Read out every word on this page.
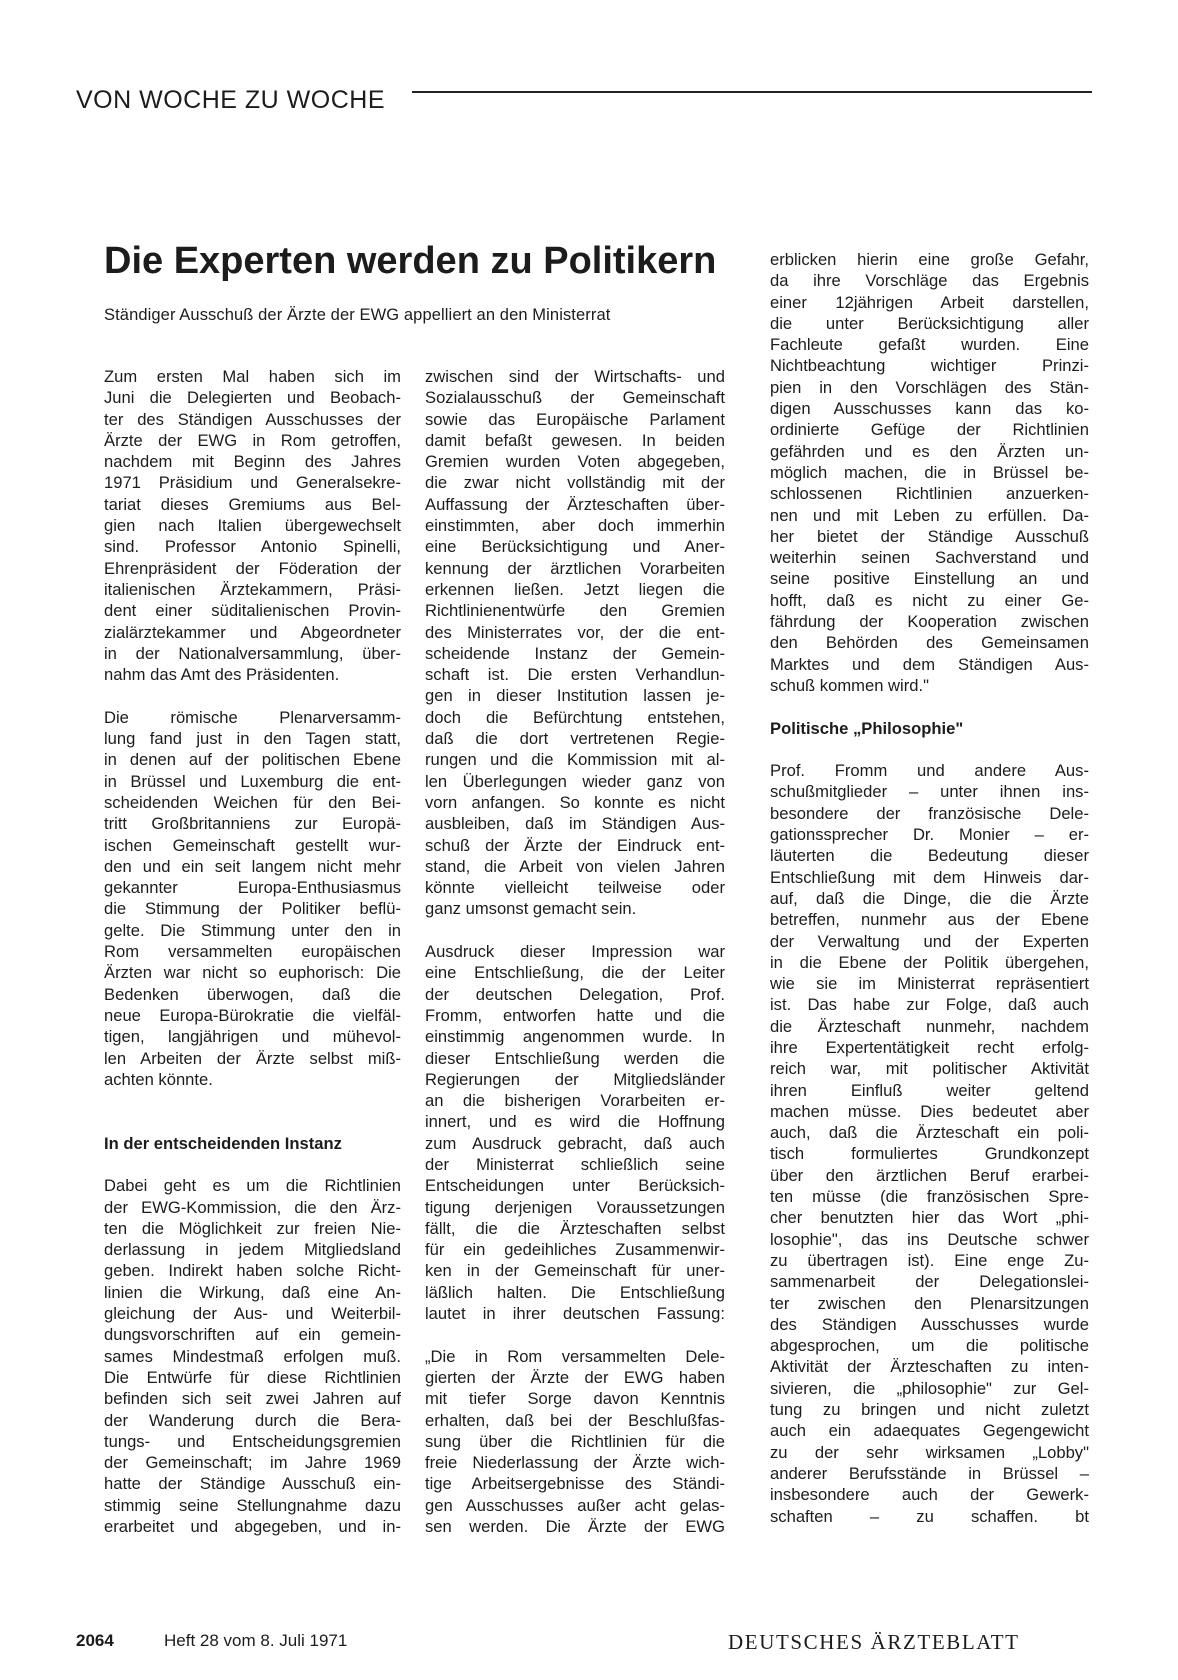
VON WOCHE ZU WOCHE
Die Experten werden zu Politikern
Ständiger Ausschuß der Ärzte der EWG appelliert an den Ministerrat
Zum ersten Mal haben sich im
Juni die Delegierten und Beobach-
ter des Ständigen Ausschusses der
Ärzte der EWG in Rom getroffen,
nachdem mit Beginn des Jahres
1971 Präsidium und Generalsekre-
tariat dieses Gremiums aus Bel-
gien nach Italien übergewechselt
sind. Professor Antonio Spinelli,
Ehrenpräsident der Föderation der
italienischen Ärztekammern, Präsi-
dent einer süditalienischen Provin-
zialärztekammer und Abgeordneter
in der Nationalversammlung, über-
nahm das Amt des Präsidenten.
Die römische Plenarversamm-
lung fand just in den Tagen statt,
in denen auf der politischen Ebene
in Brüssel und Luxemburg die ent-
scheidenden Weichen für den Bei-
tritt Großbritanniens zur Europä-
ischen Gemeinschaft gestellt wur-
den und ein seit langem nicht mehr
gekannter Europa-Enthusiasmus
die Stimmung der Politiker beflü-
gelte. Die Stimmung unter den in
Rom versammelten europäischen
Ärzten war nicht so euphorisch: Die
Bedenken überwogen, daß die
neue Europa-Bürokratie die vielfäl-
tigen, langjährigen und mühevol-
len Arbeiten der Ärzte selbst miß-
achten könnte.
In der entscheidenden Instanz
Dabei geht es um die Richtlinien
der EWG-Kommission, die den Ärz-
ten die Möglichkeit zur freien Nie-
derlassung in jedem Mitgliedsland
geben. Indirekt haben solche Richt-
linien die Wirkung, daß eine An-
gleichung der Aus- und Weiterbil-
dungsvorschriften auf ein gemein-
sames Mindestmaß erfolgen muß.
Die Entwürfe für diese Richtlinien
befinden sich seit zwei Jahren auf
der Wanderung durch die Bera-
tungs- und Entscheidungsgremien
der Gemeinschaft; im Jahre 1969
hatte der Ständige Ausschuß ein-
stimmig seine Stellungnahme dazu
erarbeitet und abgegeben, und in-
zwischen sind der Wirtschafts- und
Sozialausschuß der Gemeinschaft
sowie das Europäische Parlament
damit befaßt gewesen. In beiden
Gremien wurden Voten abgegeben,
die zwar nicht vollständig mit der
Auffassung der Ärzteschaften über-
einstimmten, aber doch immerhin
eine Berücksichtigung und Aner-
kennung der ärztlichen Vorarbeiten
erkennen ließen. Jetzt liegen die
Richtlinienentwürfe den Gremien
des Ministerrates vor, der die ent-
scheidende Instanz der Gemein-
schaft ist. Die ersten Verhandlun-
gen in dieser Institution lassen je-
doch die Befürchtung entstehen,
daß die dort vertretenen Regie-
rungen und die Kommission mit al-
len Überlegungen wieder ganz von
vorn anfangen. So konnte es nicht
ausbleiben, daß im Ständigen Aus-
schuß der Ärzte der Eindruck ent-
stand, die Arbeit von vielen Jahren
könnte vielleicht teilweise oder
ganz umsonst gemacht sein.
Ausdruck dieser Impression war
eine Entschließung, die der Leiter
der deutschen Delegation, Prof.
Fromm, entworfen hatte und die
einstimmig angenommen wurde. In
dieser Entschließung werden die
Regierungen der Mitgliedsländer
an die bisherigen Vorarbeiten er-
innert, und es wird die Hoffnung
zum Ausdruck gebracht, daß auch
der Ministerrat schließlich seine
Entscheidungen unter Berücksich-
tigung derjenigen Voraussetzungen
fällt, die die Ärzteschaften selbst
für ein gedeihliches Zusammenwir-
ken in der Gemeinschaft für uner-
läßlich halten. Die Entschließung
lautet in ihrer deutschen Fassung:
„Die in Rom versammelten Dele-
gierten der Ärzte der EWG haben
mit tiefer Sorge davon Kenntnis
erhalten, daß bei der Beschlußfas-
sung über die Richtlinien für die
freie Niederlassung der Ärzte wich-
tige Arbeitsergebnisse des Ständi-
gen Ausschusses außer acht gelas-
sen werden. Die Ärzte der EWG
erblicken hierin eine große Gefahr,
da ihre Vorschläge das Ergebnis
einer 12jährigen Arbeit darstellen,
die unter Berücksichtigung aller
Fachleute gefaßt wurden. Eine
Nichtbeachtung wichtiger Prinzi-
pien in den Vorschlägen des Stän-
digen Ausschusses kann das ko-
ordinierte Gefüge der Richtlinien
gefährden und es den Ärzten un-
möglich machen, die in Brüssel be-
schlossenen Richtlinien anzuerken-
nen und mit Leben zu erfüllen. Da-
her bietet der Ständige Ausschuß
weiterhin seinen Sachverstand und
seine positive Einstellung an und
hofft, daß es nicht zu einer Ge-
fährdung der Kooperation zwischen
den Behörden des Gemeinsamen
Marktes und dem Ständigen Aus-
schuß kommen wird."
Politische „Philosophie"
Prof. Fromm und andere Aus-
schußmitglieder – unter ihnen ins-
besondere der französische Dele-
gationssprecher Dr. Monier – er-
läuterten die Bedeutung dieser
Entschließung mit dem Hinweis dar-
auf, daß die Dinge, die die Ärzte
betreffen, nunmehr aus der Ebene
der Verwaltung und der Experten
in die Ebene der Politik übergehen,
wie sie im Ministerrat repräsentiert
ist. Das habe zur Folge, daß auch
die Ärzteschaft nunmehr, nachdem
ihre Expertentätigkeit recht erfolg-
reich war, mit politischer Aktivität
ihren Einfluß weiter geltend
machen müsse. Dies bedeutet aber
auch, daß die Ärzteschaft ein poli-
tisch formuliertes Grundkonzept
über den ärztlichen Beruf erarbei-
ten müsse (die französischen Spre-
cher benutzten hier das Wort „phi-
losophie", das ins Deutsche schwer
zu übertragen ist). Eine enge Zu-
sammenarbeit der Delegationslei-
ter zwischen den Plenarsitzungen
des Ständigen Ausschusses wurde
abgesprochen, um die politische
Aktivität der Ärzteschaften zu inten-
sivieren, die „philosophie" zur Gel-
tung zu bringen und nicht zuletzt
auch ein adaequates Gegengewicht
zu der sehr wirksamen „Lobby"
anderer Berufsstände in Brüssel –
insbesondere auch der Gewerk-
schaften – zu schaffen. bt
2064	Heft 28 vom 8. Juli 1971	DEUTSCHES ÄRZTEBLATT
